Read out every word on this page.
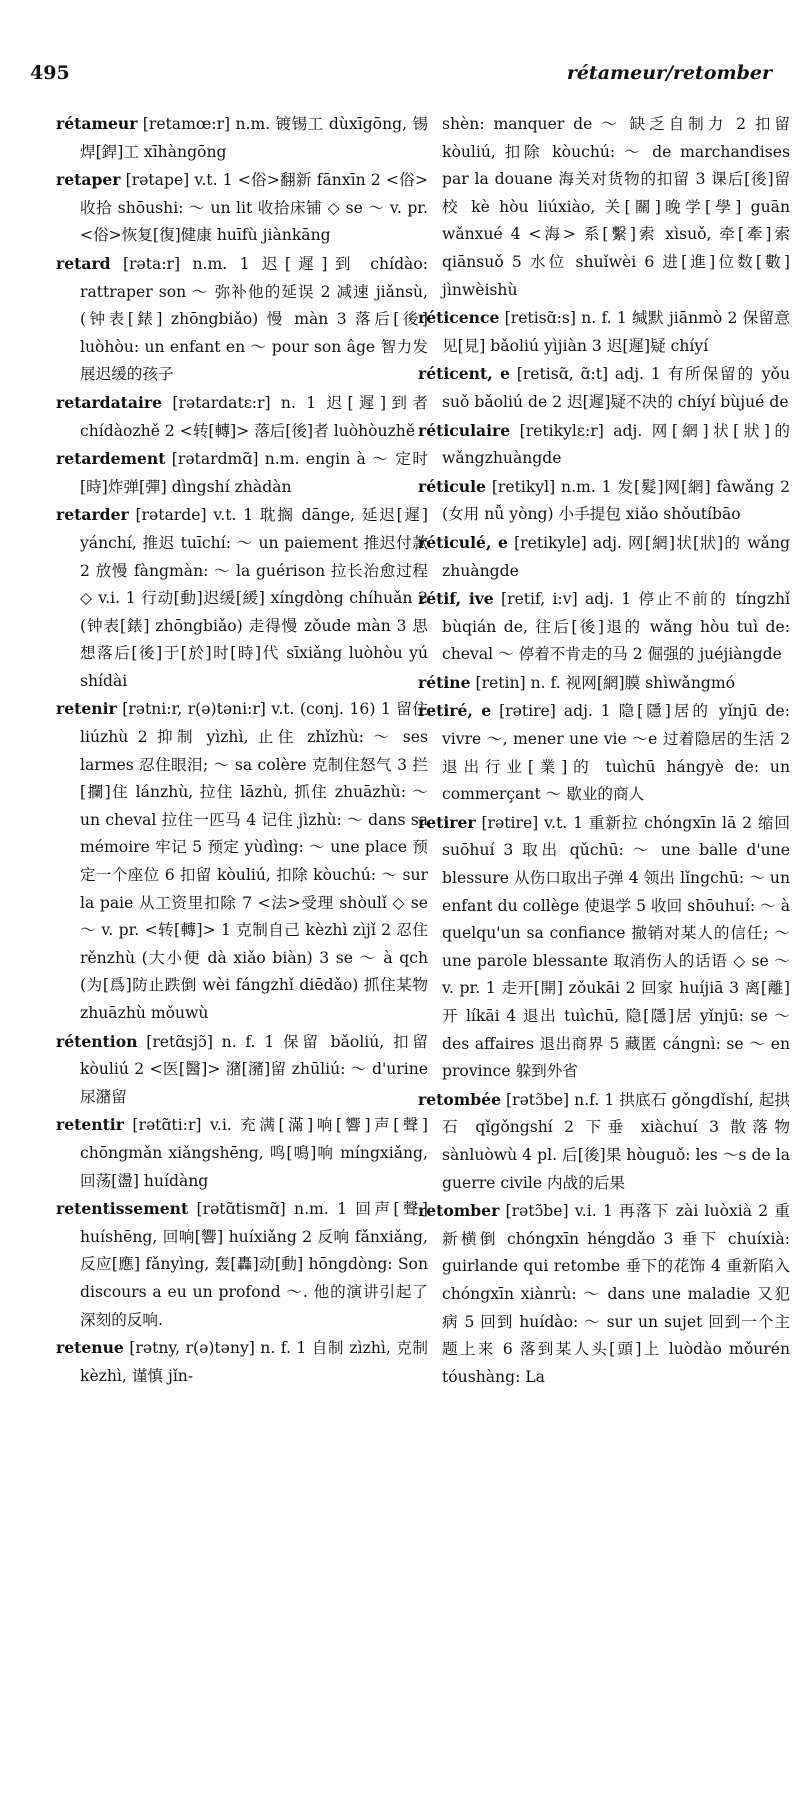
495	rétameur/retomber

rétameur [retamœ:r] n.m. 镀锡工 dùxīgōng, 锡焊[銲]工 xīhàngōng

retaper [rətape] v.t. 1 <俗>翻新 fānxīn 2 <俗>收拾 shōushi: ～ un lit 收拾床铺 ◇ se ～ v. pr. <俗>恢复[復]健康 huīfù jiànkāng

retard [rəta:r] n.m. 1 迟[遲]到 chídào: rattraper son ～ 弥补他的延误 2 减速 jiǎnsù, (钟表[錶] zhōngbiǎo) 慢 màn 3 落后[後] luòhòu: un enfant en ～ pour son âge 智力发展迟缓的孩子

retardataire [rətardatɛ:r] n. 1 迟[遲]到者 chídàozhě 2 <转[轉]> 落后[後]者 luòhòuzhě

retardement [rətardmɑ̃] n.m. engin à ～ 定时[時]炸弹[彈] dìngshí zhàdàn

retarder [rətarde] v.t. 1 耽搁 dānge, 延迟[遲] yánchí, 推迟 tuīchí: ～ un paiement 推迟付款 2 放慢 fàngmàn: ～ la guérison 拉长治愈过程 ◇ v.i. 1 行动[動]迟缓[緩] xíngdòng chíhuǎn 2 (钟表[錶] zhōngbiǎo) 走得慢 zǒude màn 3 思想落后[後]于[於]时[時]代 sīxiǎng luòhòu yú shídài

retenir [rətni:r, r(ə)təni:r] v.t. (conj. 16) 1 留住 liúzhù 2 抑制 yìzhì, 止住 zhǐzhù: ～ ses larmes 忍住眼泪; ～ sa colère 克制住怒气 3 拦[攔]住 lánzhù, 拉住 lāzhù, 抓住 zhuāzhù: ～ un cheval 拉住一匹马 4 记住 jìzhù: ～ dans sa mémoire 牢记 5 预定 yùdìng: ～ une place 预定一个座位 6 扣留 kòuliú, 扣除 kòuchú: ～ sur la paie 从工资里扣除 7 <法>受理 shòulǐ ◇ se ～ v. pr. <转[轉]> 1 克制自己 kèzhì zìjǐ 2 忍住 rěnzhù (大小便 dà xiǎo biàn) 3 se ～ à qch (为[爲]防止跌倒 wèi fángzhǐ diēdǎo) 抓住某物 zhuāzhù mǒuwù

rétention [retɑ̃sjɔ̃] n. f. 1 保留 bǎoliú, 扣留 kòuliú 2 <医[醫]> 潴[瀦]留 zhūliú: ～ d'urine 尿潴留

retentir [rətɑ̃ti:r] v.i. 充满[滿]响[響]声[聲] chōngmǎn xiǎngshēng, 鸣[鳴]响 míngxiǎng, 回荡[盪] huídàng

retentissement [rətɑ̃tismɑ̃] n.m. 1 回声[聲] huíshēng, 回响[響] huíxiǎng 2 反响 fǎnxiǎng, 反应[應] fǎnyìng, 轰[轟]动[動] hōngdòng: Son discours a eu un profond ～. 他的演讲引起了深刻的反响.

retenue [rətny, r(ə)təny] n. f. 1 自制 zìzhì, 克制 kèzhì, 谨慎 jǐn-

shèn: manquer de ～ 缺乏自制力 2 扣留 kòuliú, 扣除 kòuchú: ～ de marchandises par la douane 海关对货物的扣留 3 课后[後]留校 kè hòu liúxiào, 关[關]晚学[學] guān wǎnxué 4 <海> 系[繫]索 xìsuǒ, 牵[牽]索 qiānsuǒ 5 水位 shuǐwèi 6 进[進]位数[數] jìnwèishù

réticence [retisɑ̃:s] n. f. 1 缄默 jiānmò 2 保留意见[見] bǎoliú yìjiàn 3 迟[遲]疑 chíyí

réticent, e [retisɑ̃, ɑ̃:t] adj. 1 有所保留的 yǒu suǒ bǎoliú de 2 迟[遲]疑不决的 chíyí bùjué de

réticulaire [retikylɛ:r] adj. 网[網]状[狀]的 wǎngzhuàngde

réticule [retikyl] n.m. 1 发[髮]网[網] fàwǎng 2 (女用 nǚ yòng) 小手提包 xiǎo shǒutíbāo

réticulé, e [retikyle] adj. 网[網]状[狀]的 wǎng zhuàngde

rétif, ive [retif, i:v] adj. 1 停止不前的 tíngzhǐ bùqián de, 往后[後]退的 wǎng hòu tuì de: cheval ～ 停着不肯走的马 2 倔强的 juéjiàngde

rétine [retin] n. f. 视网[網]膜 shìwǎngmó

retiré, e [rətire] adj. 1 隐[隱]居的 yǐnjū de: vivre ～, mener une vie ～e 过着隐居的生活 2 退出行业[業]的 tuìchū hángyè de: un commerçant ～ 歇业的商人

retirer [rətire] v.t. 1 重新拉 chóngxīn lā 2 缩回 suōhuí 3 取出 qǔchū: ～ une balle d'une blessure 从伤口取出子弹 4 领出 lǐngchū: ～ un enfant du collège 使退学 5 收回 shōuhuí: ～ à quelqu'un sa confiance 撤销对某人的信任; ～ une parole blessante 取消伤人的话语 ◇ se ～ v. pr. 1 走开[開] zǒukāi 2 回家 huíjiā 3 离[離]开 líkāi 4 退出 tuìchū, 隐[隱]居 yǐnjū: se ～ des affaires 退出商界 5 藏匿 cángnì: se ～ en province 躲到外省

retombée [rətɔ̃be] n.f. 1 拱底石 gǒngdǐshí, 起拱石 qǐgǒngshí 2 下垂 xiàchuí 3 散落物 sànluòwù 4 pl. 后[後]果 hòuguǒ: les ～s de la guerre civile 内战的后果

retomber [rətɔ̃be] v.i. 1 再落下 zài luòxià 2 重新横倒 chóngxīn héngdǎo 3 垂下 chuíxià: guirlande qui retombe 垂下的花饰 4 重新陷入 chóngxīn xiànrù: ～ dans une maladie 又犯病 5 回到 huídào: ～ sur un sujet 回到一个主题上来 6 落到某人头[頭]上 luòdào mǒurén tóushàng: La
